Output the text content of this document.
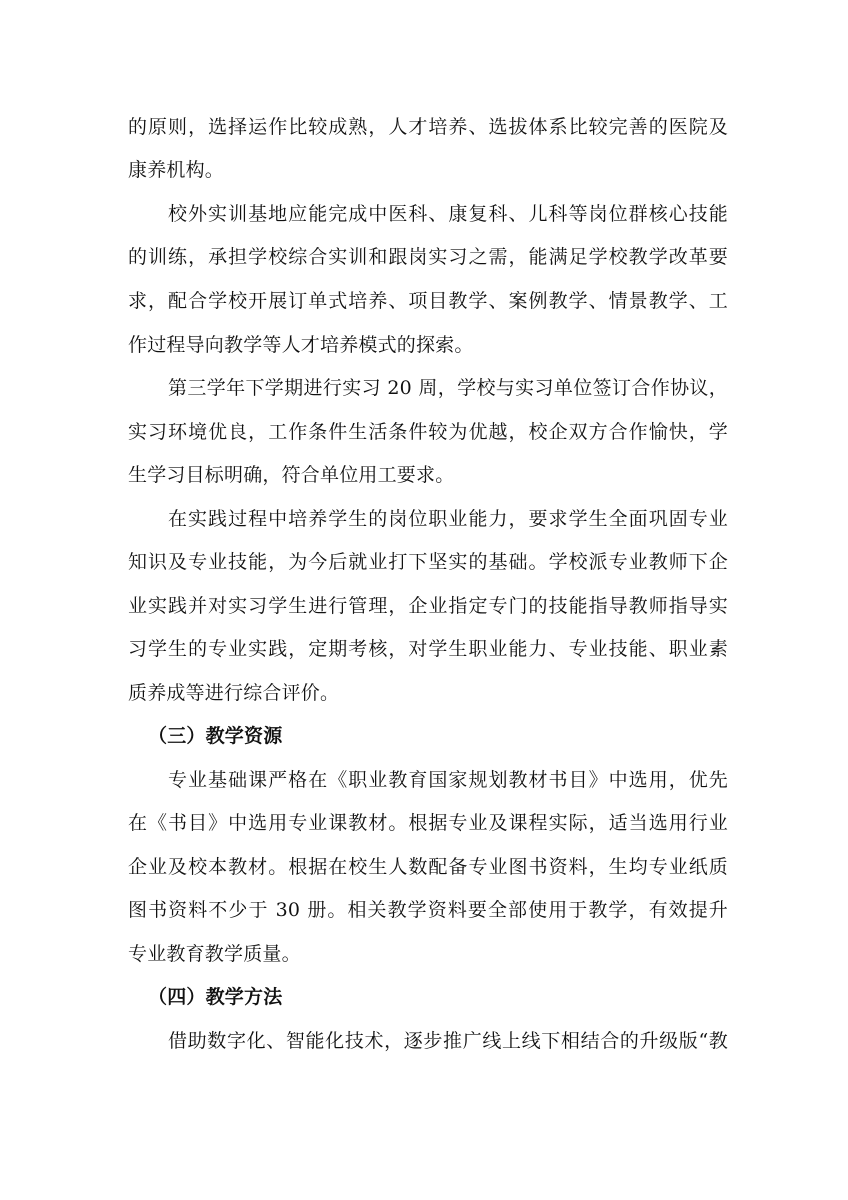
的原则，选择运作比较成熟，人才培养、选拔体系比较完善的医院及
康养机构。
校外实训基地应能完成中医科、康复科、儿科等岗位群核心技能
的训练，承担学校综合实训和跟岗实习之需，能满足学校教学改革要
求，配合学校开展订单式培养、项目教学、案例教学、情景教学、工
作过程导向教学等人才培养模式的探索。
第三学年下学期进行实习 20 周，学校与实习单位签订合作协议，
实习环境优良，工作条件生活条件较为优越，校企双方合作愉快，学
生学习目标明确，符合单位用工要求。
在实践过程中培养学生的岗位职业能力，要求学生全面巩固专业
知识及专业技能，为今后就业打下坚实的基础。学校派专业教师下企
业实践并对实习学生进行管理，企业指定专门的技能指导教师指导实
习学生的专业实践，定期考核，对学生职业能力、专业技能、职业素
质养成等进行综合评价。
（三）教学资源
专业基础课严格在《职业教育国家规划教材书目》中选用，优先
在《书目》中选用专业课教材。根据专业及课程实际，适当选用行业
企业及校本教材。根据在校生人数配备专业图书资料，生均专业纸质
图书资料不少于 30 册。相关教学资料要全部使用于教学，有效提升
专业教育教学质量。
（四）教学方法
借助数字化、智能化技术，逐步推广线上线下相结合的升级版“教
